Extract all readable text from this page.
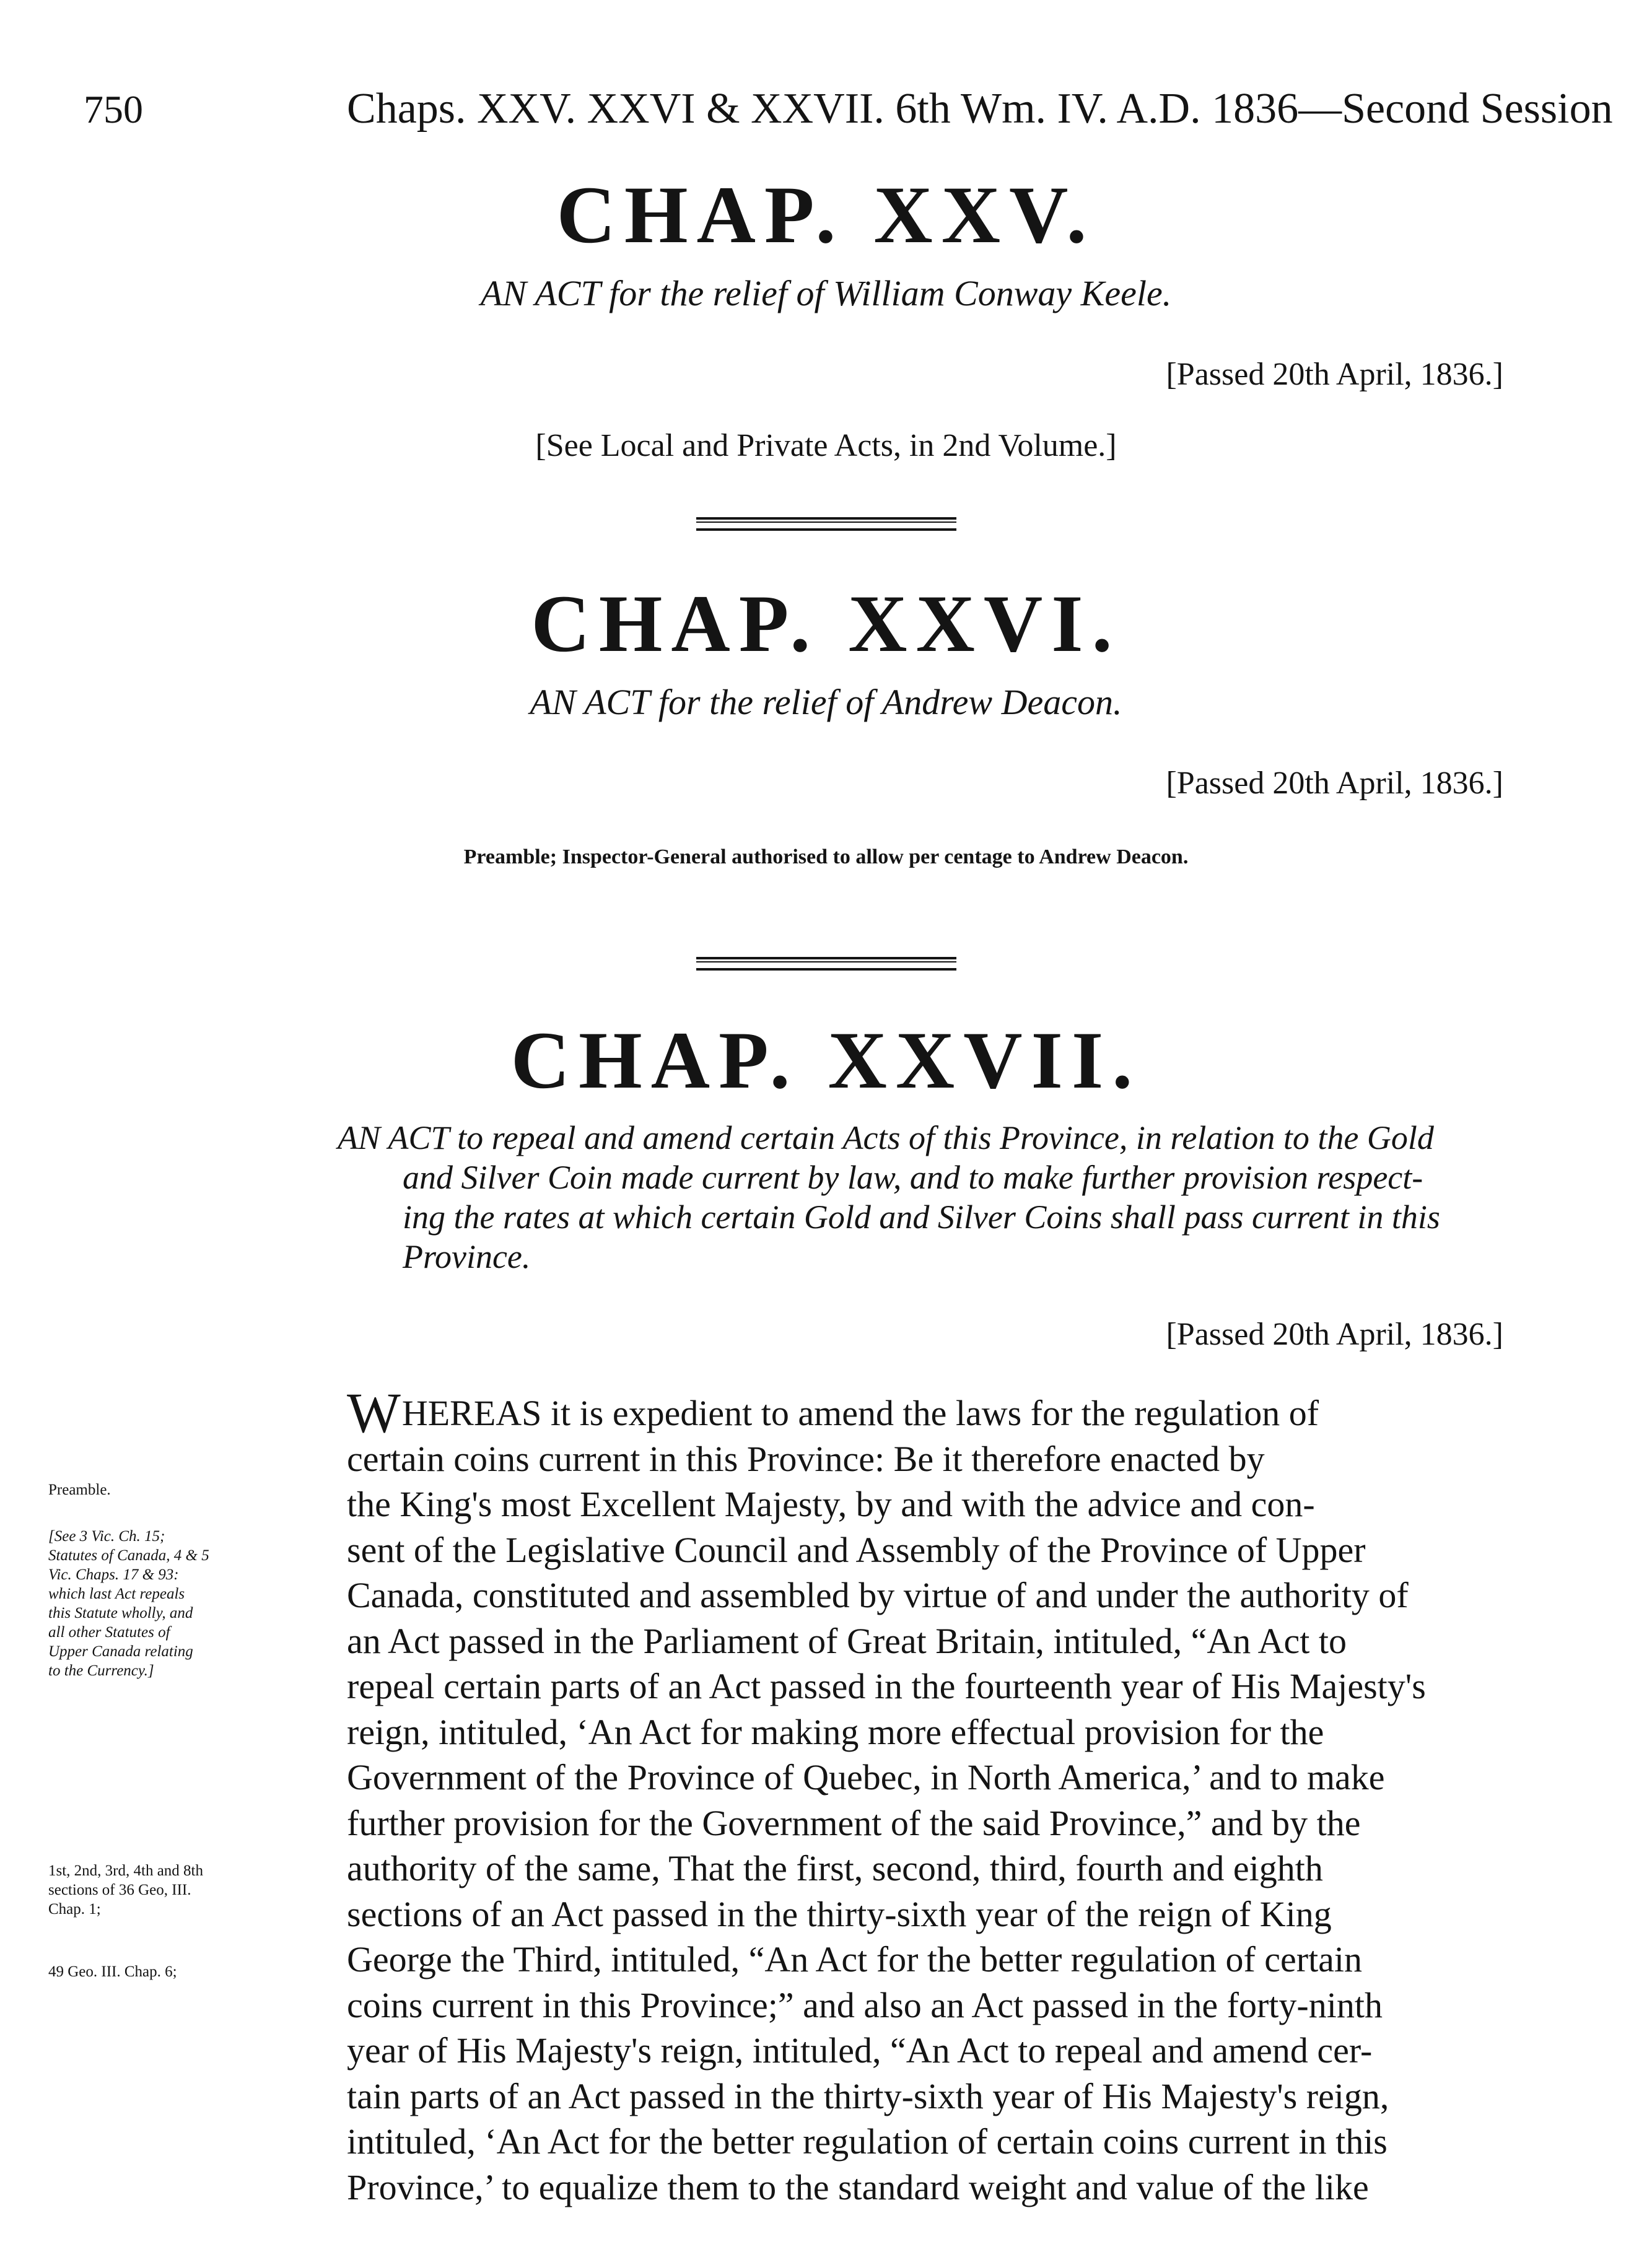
750	Chaps. XXV. XXVI & XXVII. 6th Wm. IV. A.D. 1836—Second Session
CHAP. XXV.
AN ACT for the relief of William Conway Keele.
[Passed 20th April, 1836.]
[See Local and Private Acts, in 2nd Volume.]
CHAP. XXVI.
AN ACT for the relief of Andrew Deacon.
[Passed 20th April, 1836.]
Preamble; Inspector-General authorised to allow per centage to Andrew Deacon.
CHAP. XXVII.
AN ACT to repeal and amend certain Acts of this Province, in relation to the Gold
and Silver Coin made current by law, and to make further provision respect-
ing the rates at which certain Gold and Silver Coins shall pass current in this
Province.
[Passed 20th April, 1836.]
WHEREAS it is expedient to amend the laws for the regulation of
certain coins current in this Province: Be it therefore enacted by
the King's most Excellent Majesty, by and with the advice and con-
sent of the Legislative Council and Assembly of the Province of Upper
Canada, constituted and assembled by virtue of and under the authority of
an Act passed in the Parliament of Great Britain, intituled, “An Act to
repeal certain parts of an Act passed in the fourteenth year of His Majesty's
reign, intituled, ‘An Act for making more effectual provision for the
Government of the Province of Quebec, in North America,’ and to make
further provision for the Government of the said Province,” and by the
authority of the same, That the first, second, third, fourth and eighth
sections of an Act passed in the thirty-sixth year of the reign of King
George the Third, intituled, “An Act for the better regulation of certain
coins current in this Province;” and also an Act passed in the forty-ninth
year of His Majesty's reign, intituled, “An Act to repeal and amend cer-
tain parts of an Act passed in the thirty-sixth year of His Majesty's reign,
intituled, ‘An Act for the better regulation of certain coins current in this
Province,’ to equalize them to the standard weight and value of the like
Preamble.
[See 3 Vic. Ch. 15;
Statutes of Canada, 4 & 5
Vic. Chaps. 17 & 93:
which last Act repeals
this Statute wholly, and
all other Statutes of
Upper Canada relating
to the Currency.]
1st, 2nd, 3rd, 4th and 8th
sections of 36 Geo, III.
Chap. 1;
49 Geo. III. Chap. 6;
